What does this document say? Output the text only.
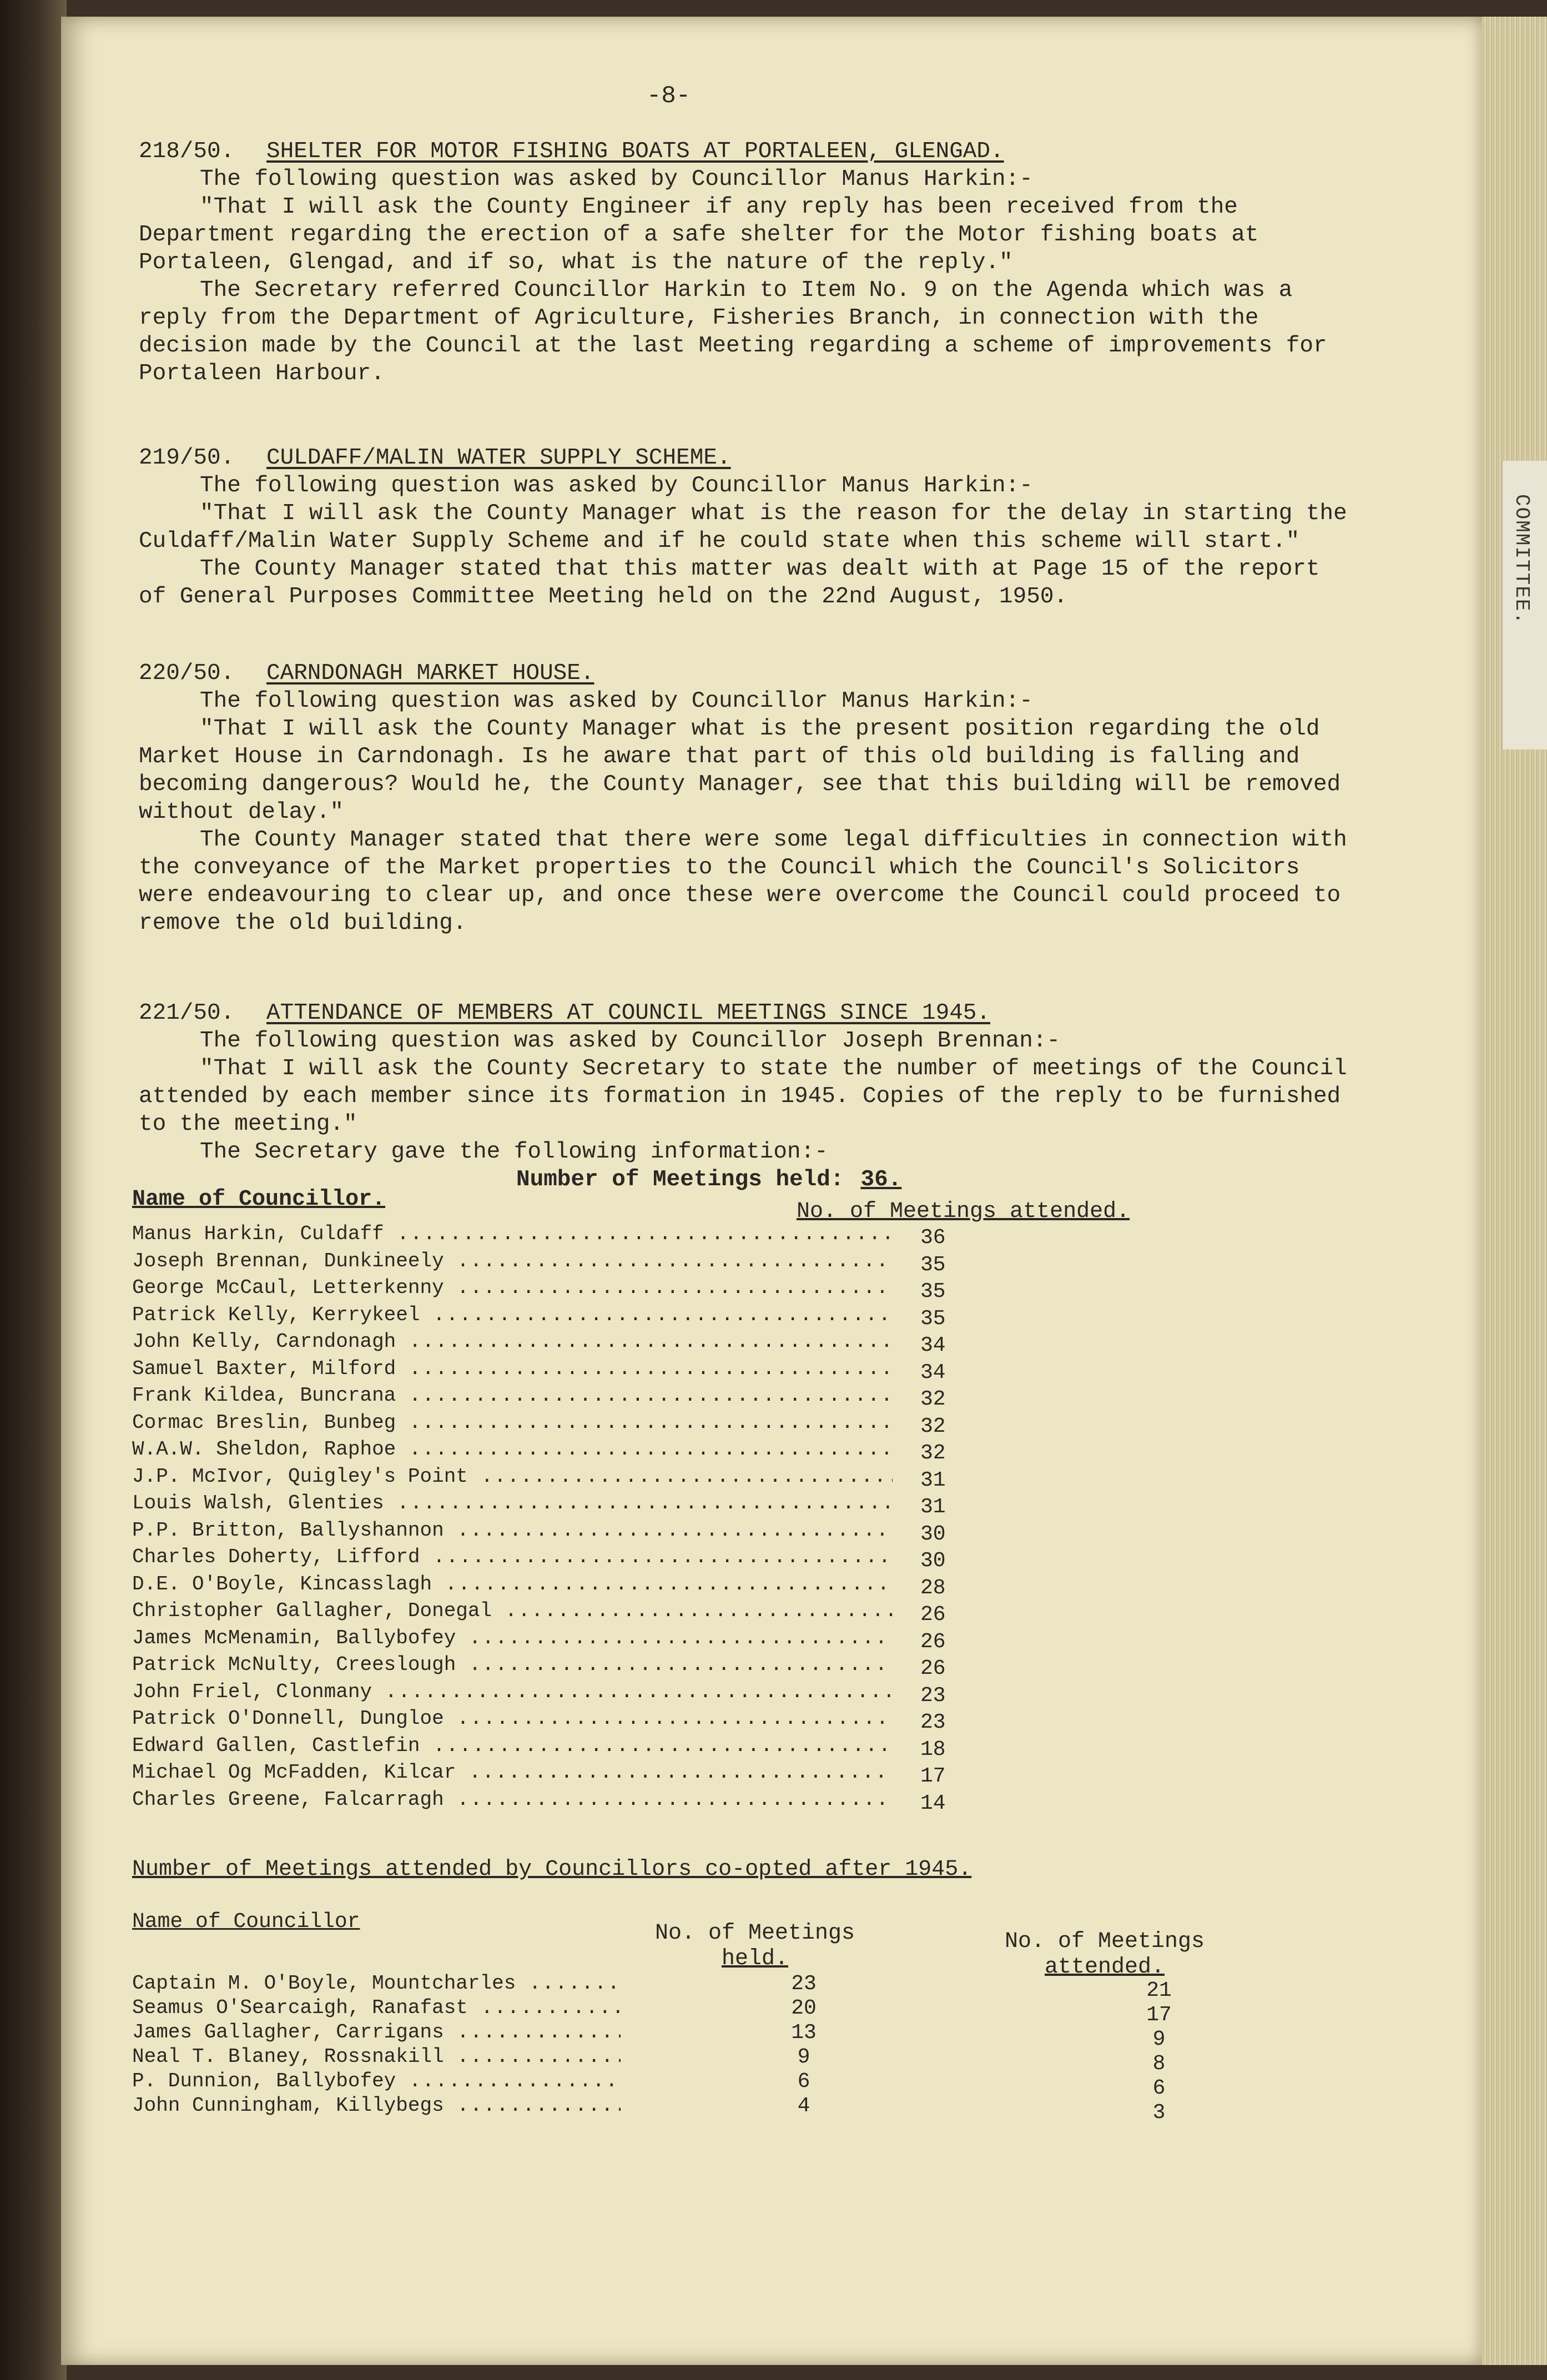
COMMITTEE.
-8-
218/50. SHELTER FOR MOTOR FISHING BOATS AT PORTALEEN, GLENGAD.
The following question was asked by Councillor Manus Harkin:-
"That I will ask the County Engineer if any reply has been received from the Department regarding the erection of a safe shelter for the Motor fishing boats at Portaleen, Glengad, and if so, what is the nature of the reply."
The Secretary referred Councillor Harkin to Item No. 9 on the Agenda which was a reply from the Department of Agriculture, Fisheries Branch, in connection with the decision made by the Council at the last Meeting regarding a scheme of improvements for Portaleen Harbour.
219/50. CULDAFF/MALIN WATER SUPPLY SCHEME.
The following question was asked by Councillor Manus Harkin:-
"That I will ask the County Manager what is the reason for the delay in starting the Culdaff/Malin Water Supply Scheme and if he could state when this scheme will start."
The County Manager stated that this matter was dealt with at Page 15 of the report of General Purposes Committee Meeting held on the 22nd August, 1950.
220/50. CARNDONAGH MARKET HOUSE.
The following question was asked by Councillor Manus Harkin:-
"That I will ask the County Manager what is the present position regarding the old Market House in Carndonagh. Is he aware that part of this old building is falling and becoming dangerous? Would he, the County Manager, see that this building will be removed without delay."
The County Manager stated that there were some legal difficulties in connection with the conveyance of the Market properties to the Council which the Council's Solicitors were endeavouring to clear up, and once these were overcome the Council could proceed to remove the old building.
221/50. ATTENDANCE OF MEMBERS AT COUNCIL MEETINGS SINCE 1945.
The following question was asked by Councillor Joseph Brennan:-
"That I will ask the County Secretary to state the number of meetings of the Council attended by each member since its formation in 1945. Copies of the reply to be furnished to the meeting."
The Secretary gave the following information:-
Number of Meetings held: 36.
Name of Councillor.	No. of Meetings attended.
Manus Harkin, Culdaff .....	36
Joseph Brennan, Dunkineely .....	35
George McCaul, Letterkenny .....	35
Patrick Kelly, Kerrykeel .....	35
John Kelly, Carndonagh .....	34
Samuel Baxter, Milford .....	34
Frank Kildea, Buncrana .....	32
Cormac Breslin, Bunbeg .....	32
W.A.W. Sheldon, Raphoe .....	32
J.P. McIvor, Quigley's Point .....	31
Louis Walsh, Glenties .....	31
P.P. Britton, Ballyshannon .....	30
Charles Doherty, Lifford .....	30
D.E. O'Boyle, Kincasslagh .....	28
Christopher Gallagher, Donegal .....	26
James McMenamin, Ballybofey .....	26
Patrick McNulty, Creeslough .....	26
John Friel, Clonmany .....	23
Patrick O'Donnell, Dungloe .....	23
Edward Gallen, Castlefin .....	18
Michael Og McFadden, Kilcar .....	17
Charles Greene, Falcarragh .....	14
Number of Meetings attended by Councillors co-opted after 1945.
Name of Councillor	No. of Meetings
held.
No. of Meetings
attended.
Captain M. O'Boyle, Mountcharles .....	23	21
Seamus O'Searcaigh, Ranafast .....	20	17
James Gallagher, Carrigans .....	13	9
Neal T. Blaney, Rossnakill .....	9	8
P. Dunnion, Ballybofey .....	6	6
John Cunningham, Killybegs .....	4	3
